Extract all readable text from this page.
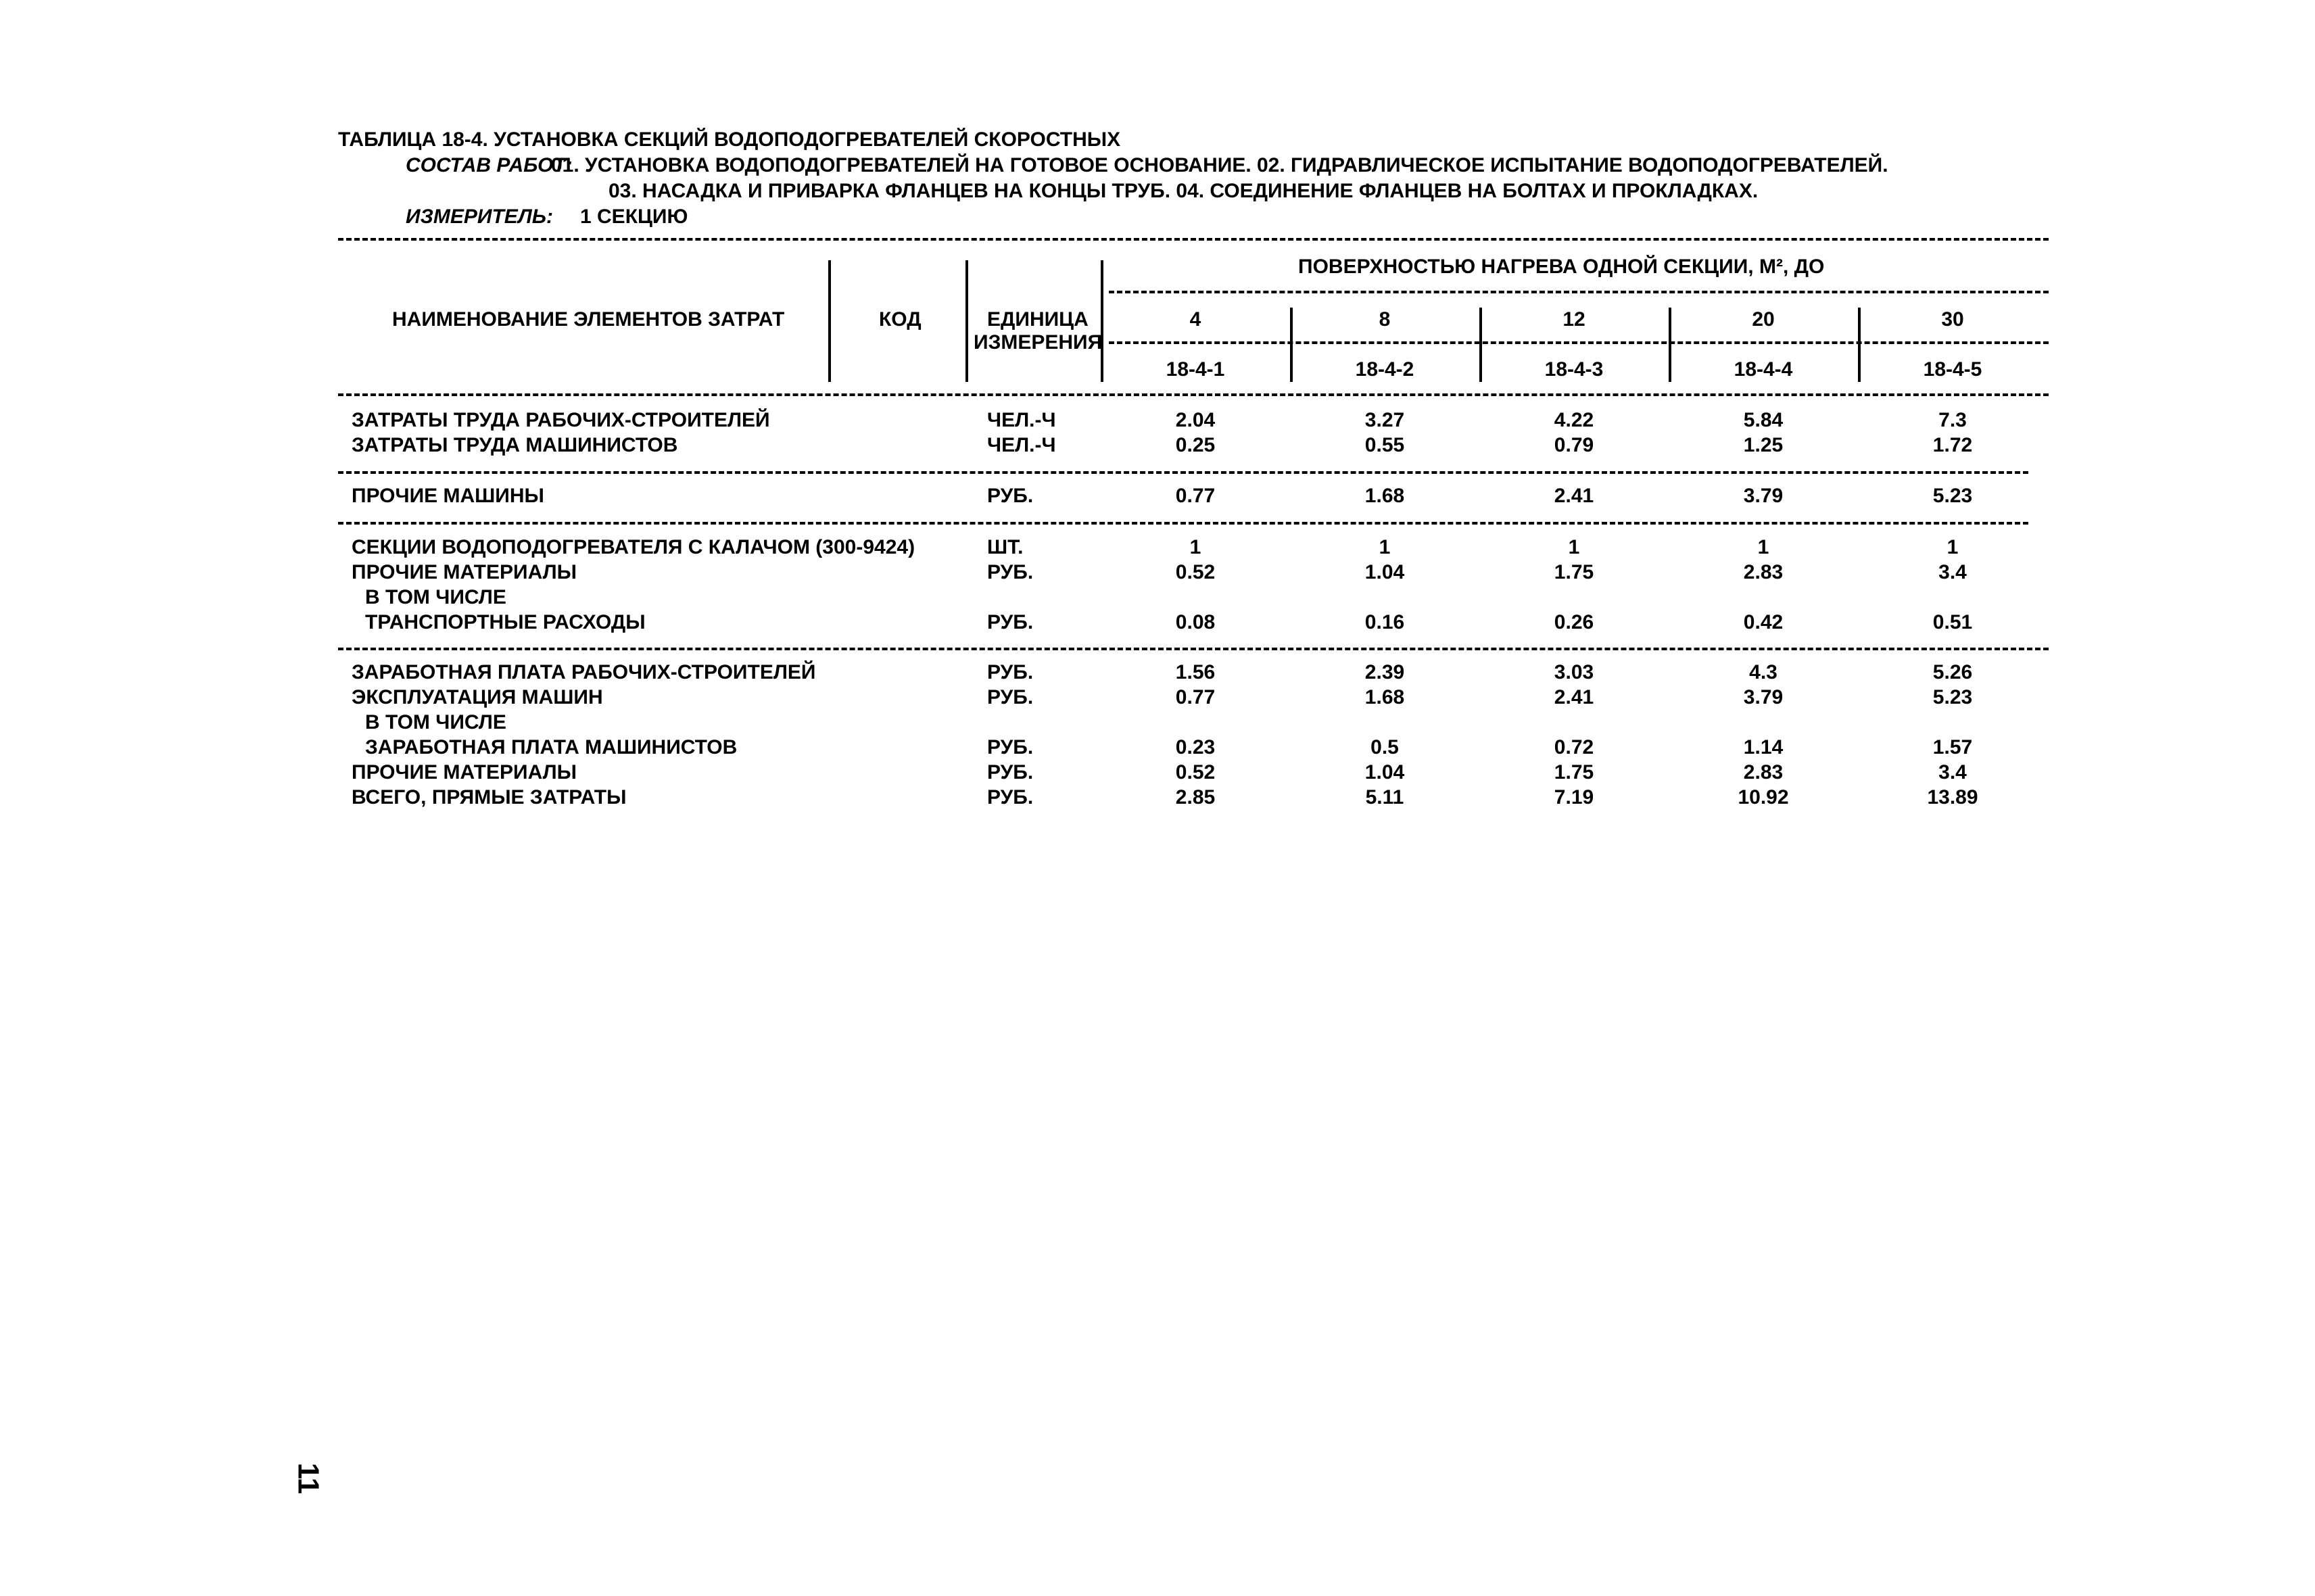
ТАБЛИЦА 18-4. УСТАНОВКА СЕКЦИЙ ВОДОПОДОГРЕВАТЕЛЕЙ СКОРОСТНЫХ
СОСТАВ РАБОТ:
01. УСТАНОВКА ВОДОПОДОГРЕВАТЕЛЕЙ НА ГОТОВОЕ ОСНОВАНИЕ. 02. ГИДРАВЛИЧЕСКОЕ ИСПЫТАНИЕ ВОДОПОДОГРЕВАТЕЛЕЙ.
03. НАСАДКА И ПРИВАРКА ФЛАНЦЕВ НА КОНЦЫ ТРУБ. 04. СОЕДИНЕНИЕ ФЛАНЦЕВ НА БОЛТАХ И ПРОКЛАДКАХ.
ИЗМЕРИТЕЛЬ: 1 СЕКЦИЮ
НАИМЕНОВАНИЕ ЭЛЕМЕНТОВ ЗАТРАТ	КОД	ЕДИНИЦА
ИЗМЕРЕНИЯ
ПОВЕРХНОСТЬЮ НАГРЕВА ОДНОЙ СЕКЦИИ, М², ДО
4	8	12	20	30
18-4-1	18-4-2	18-4-3	18-4-4	18-4-5
ЗАТРАТЫ ТРУДА РАБОЧИХ-СТРОИТЕЛЕЙ	ЧЕЛ.-Ч	2.04	3.27	4.22	5.84	7.3
ЗАТРАТЫ ТРУДА МАШИНИСТОВ	ЧЕЛ.-Ч	0.25	0.55	0.79	1.25	1.72
ПРОЧИЕ МАШИНЫ	РУБ.	0.77	1.68	2.41	3.79	5.23
СЕКЦИИ ВОДОПОДОГРЕВАТЕЛЯ С КАЛАЧОМ (300-9424)	ШТ.	1	1	1	1	1
ПРОЧИЕ МАТЕРИАЛЫ	РУБ.	0.52	1.04	1.75	2.83	3.4
В ТОМ ЧИСЛЕ
ТРАНСПОРТНЫЕ РАСХОДЫ	РУБ.	0.08	0.16	0.26	0.42	0.51
ЗАРАБОТНАЯ ПЛАТА РАБОЧИХ-СТРОИТЕЛЕЙ	РУБ.	1.56	2.39	3.03	4.3	5.26
ЭКСПЛУАТАЦИЯ МАШИН	РУБ.	0.77	1.68	2.41	3.79	5.23
В ТОМ ЧИСЛЕ
ЗАРАБОТНАЯ ПЛАТА МАШИНИСТОВ	РУБ.	0.23	0.5	0.72	1.14	1.57
ПРОЧИЕ МАТЕРИАЛЫ	РУБ.	0.52	1.04	1.75	2.83	3.4
ВСЕГО, ПРЯМЫЕ ЗАТРАТЫ	РУБ.	2.85	5.11	7.19	10.92	13.89
11
